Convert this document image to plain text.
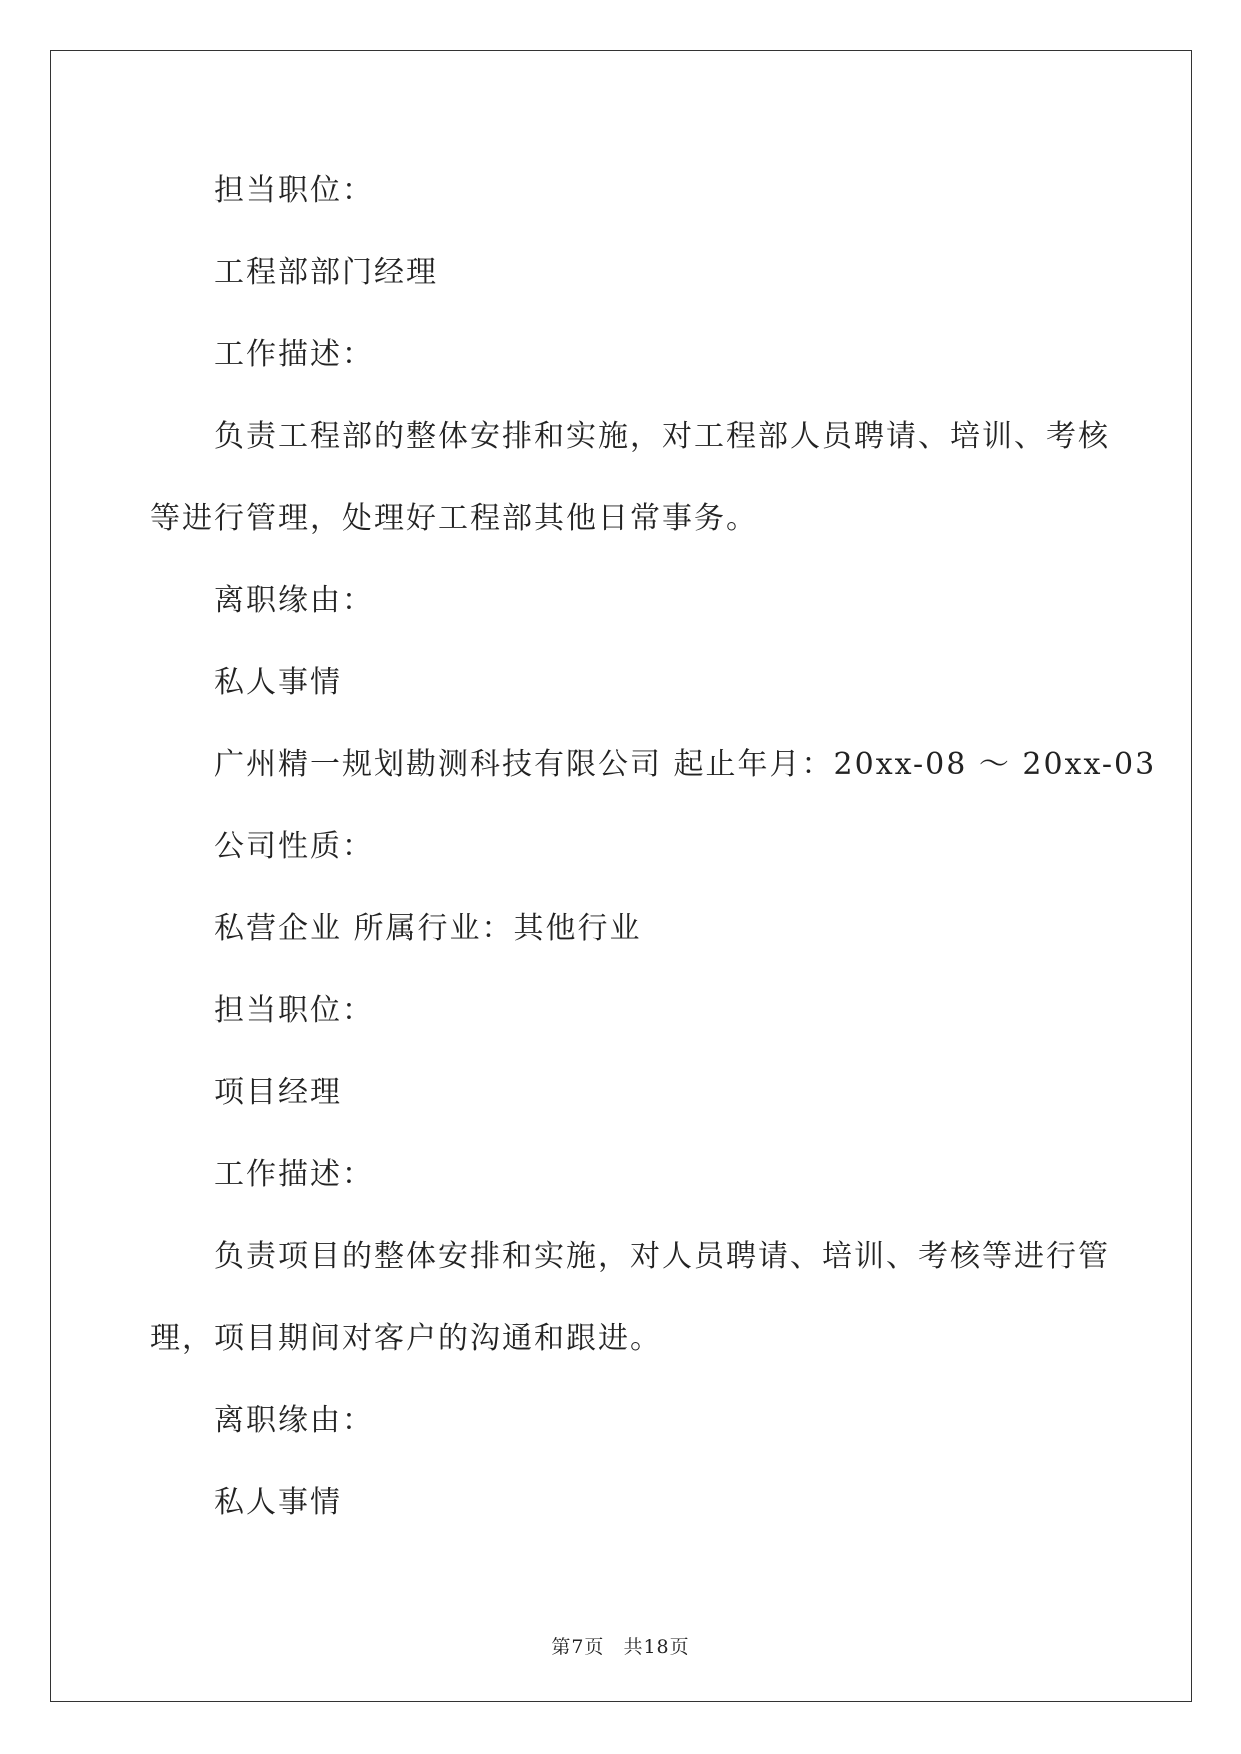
担当职位：

工程部部门经理

工作描述：

负责工程部的整体安排和实施，对工程部人员聘请、培训、考核

等进行管理，处理好工程部其他日常事务。

离职缘由：

私人事情

广州精一规划勘测科技有限公司 起止年月：20xx-08 ～ 20xx-03

公司性质：

私营企业 所属行业：其他行业

担当职位：

项目经理

工作描述：

负责项目的整体安排和实施，对人员聘请、培训、考核等进行管

理，项目期间对客户的沟通和跟进。

离职缘由：

私人事情

第7页 共18页
